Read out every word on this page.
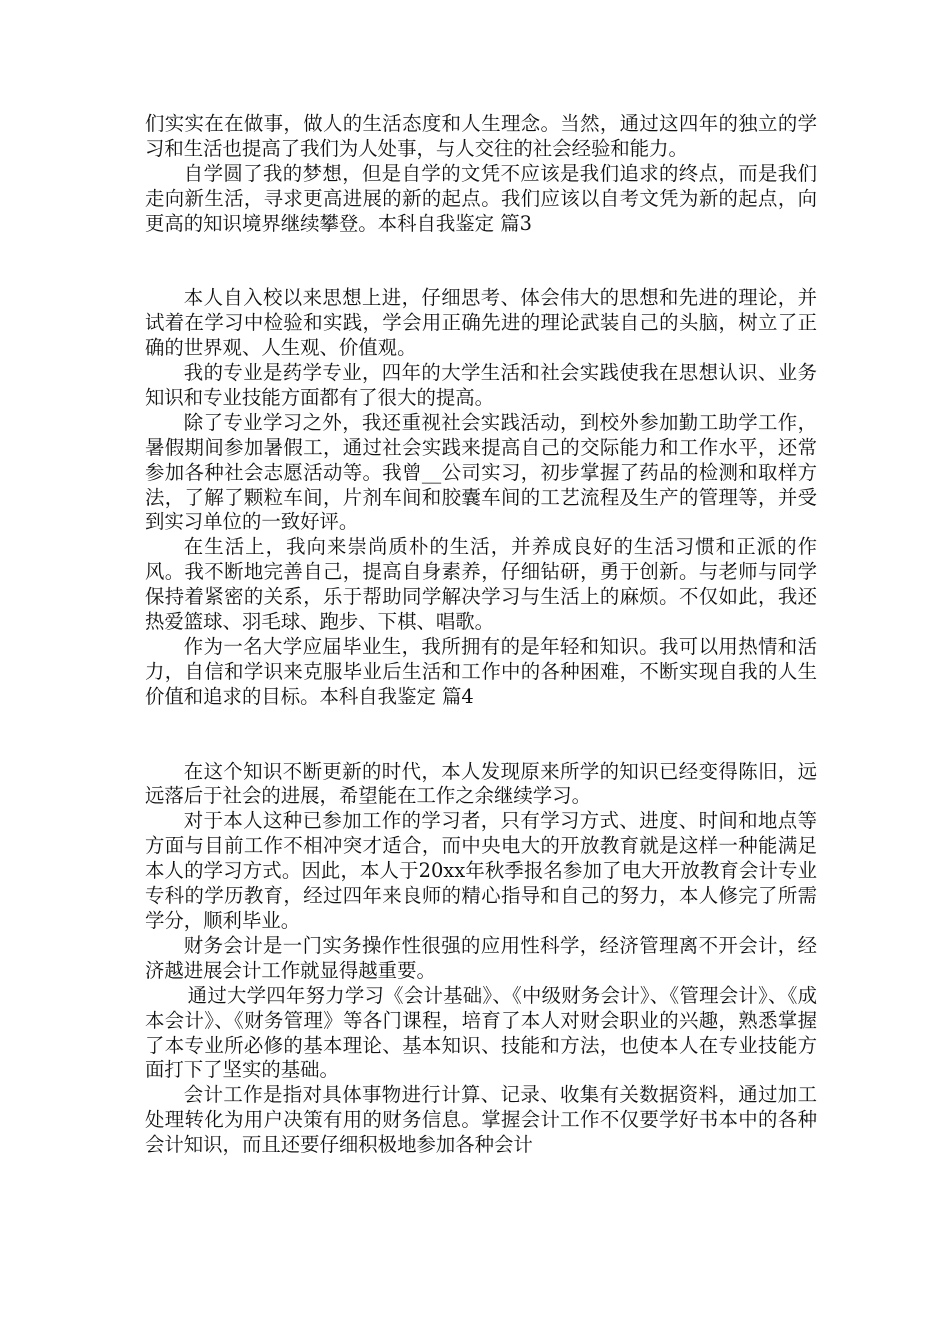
们实实在在做事，做人的生活态度和人生理念。当然，通过这四年的独立的学习和生活也提高了我们为人处事，与人交往的社会经验和能力。

自学圆了我的梦想，但是自学的文凭不应该是我们追求的终点，而是我们走向新生活，寻求更高进展的新的起点。我们应该以自考文凭为新的起点，向更高的知识境界继续攀登。本科自我鉴定 篇3

本人自入校以来思想上进，仔细思考、体会伟大的思想和先进的理论，并试着在学习中检验和实践，学会用正确先进的理论武装自己的头脑，树立了正确的世界观、人生观、价值观。

我的专业是药学专业，四年的大学生活和社会实践使我在思想认识、业务知识和专业技能方面都有了很大的提高。

除了专业学习之外，我还重视社会实践活动，到校外参加勤工助学工作，暑假期间参加暑假工，通过社会实践来提高自己的交际能力和工作水平，还常参加各种社会志愿活动等。我曾__公司实习，初步掌握了药品的检测和取样方法，了解了颗粒车间，片剂车间和胶囊车间的工艺流程及生产的管理等，并受到实习单位的一致好评。

在生活上，我向来崇尚质朴的生活，并养成良好的生活习惯和正派的作风。我不断地完善自己，提高自身素养，仔细钻研，勇于创新。与老师与同学保持着紧密的关系，乐于帮助同学解决学习与生活上的麻烦。不仅如此，我还热爱篮球、羽毛球、跑步、下棋、唱歌。

作为一名大学应届毕业生，我所拥有的是年轻和知识。我可以用热情和活力，自信和学识来克服毕业后生活和工作中的各种困难，不断实现自我的人生价值和追求的目标。本科自我鉴定 篇4

在这个知识不断更新的时代，本人发现原来所学的知识已经变得陈旧，远远落后于社会的进展，希望能在工作之余继续学习。

对于本人这种已参加工作的学习者，只有学习方式、进度、时间和地点等方面与目前工作不相冲突才适合，而中央电大的开放教育就是这样一种能满足本人的学习方式。因此，本人于20xx年秋季报名参加了电大开放教育会计专业专科的学历教育，经过四年来良师的精心指导和自己的努力，本人修完了所需学分，顺利毕业。

财务会计是一门实务操作性很强的应用性科学，经济管理离不开会计，经济越进展会计工作就显得越重要。

通过大学四年努力学习《会计基础》、《中级财务会计》、《管理会计》、《成本会计》、《财务管理》等各门课程，培育了本人对财会职业的兴趣，熟悉掌握了本专业所必修的基本理论、基本知识、技能和方法，也使本人在专业技能方面打下了坚实的基础。

会计工作是指对具体事物进行计算、记录、收集有关数据资料，通过加工处理转化为用户决策有用的财务信息。掌握会计工作不仅要学好书本中的各种会计知识，而且还要仔细积极地参加各种会计
